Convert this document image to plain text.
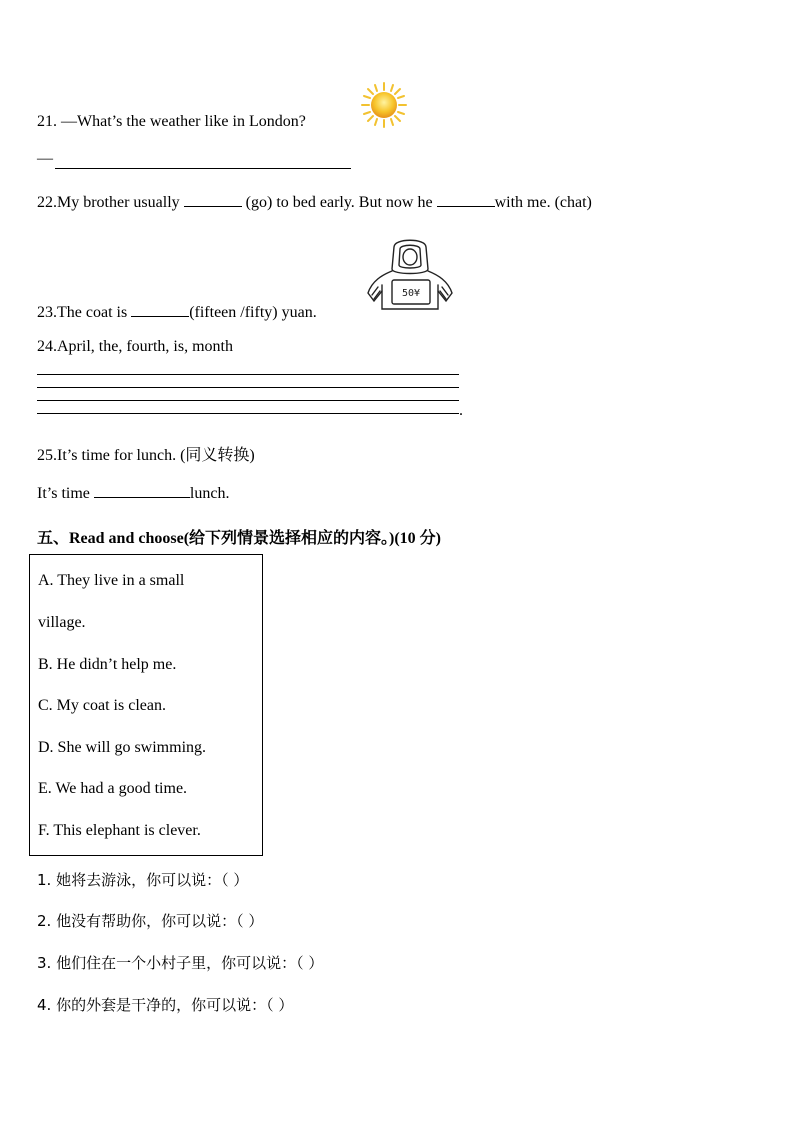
21. —What’s the weather like in London?
—
22.My brother usually	(go) to bed early. But now he	with me. (chat)
50¥
23.The coat is	(fifteen /fifty) yuan.
24.April, the, fourth, is, month
.
25.It’s time for lunch. (同义转换)
It’s time	lunch.
五、Read and choose(给下列情景选择相应的内容。)(10 分)
A. They live in a small
village.
B. He didn’t help me.
C. My coat is clean.
D. She will go swimming.
E. We had a good time.
F. This elephant is clever.
1. 她将去游泳，你可以说：（ ）
2. 他没有帮助你，你可以说：（ ）
3. 他们住在一个小村子里，你可以说：（ ）
4. 你的外套是干净的，你可以说：（ ）
